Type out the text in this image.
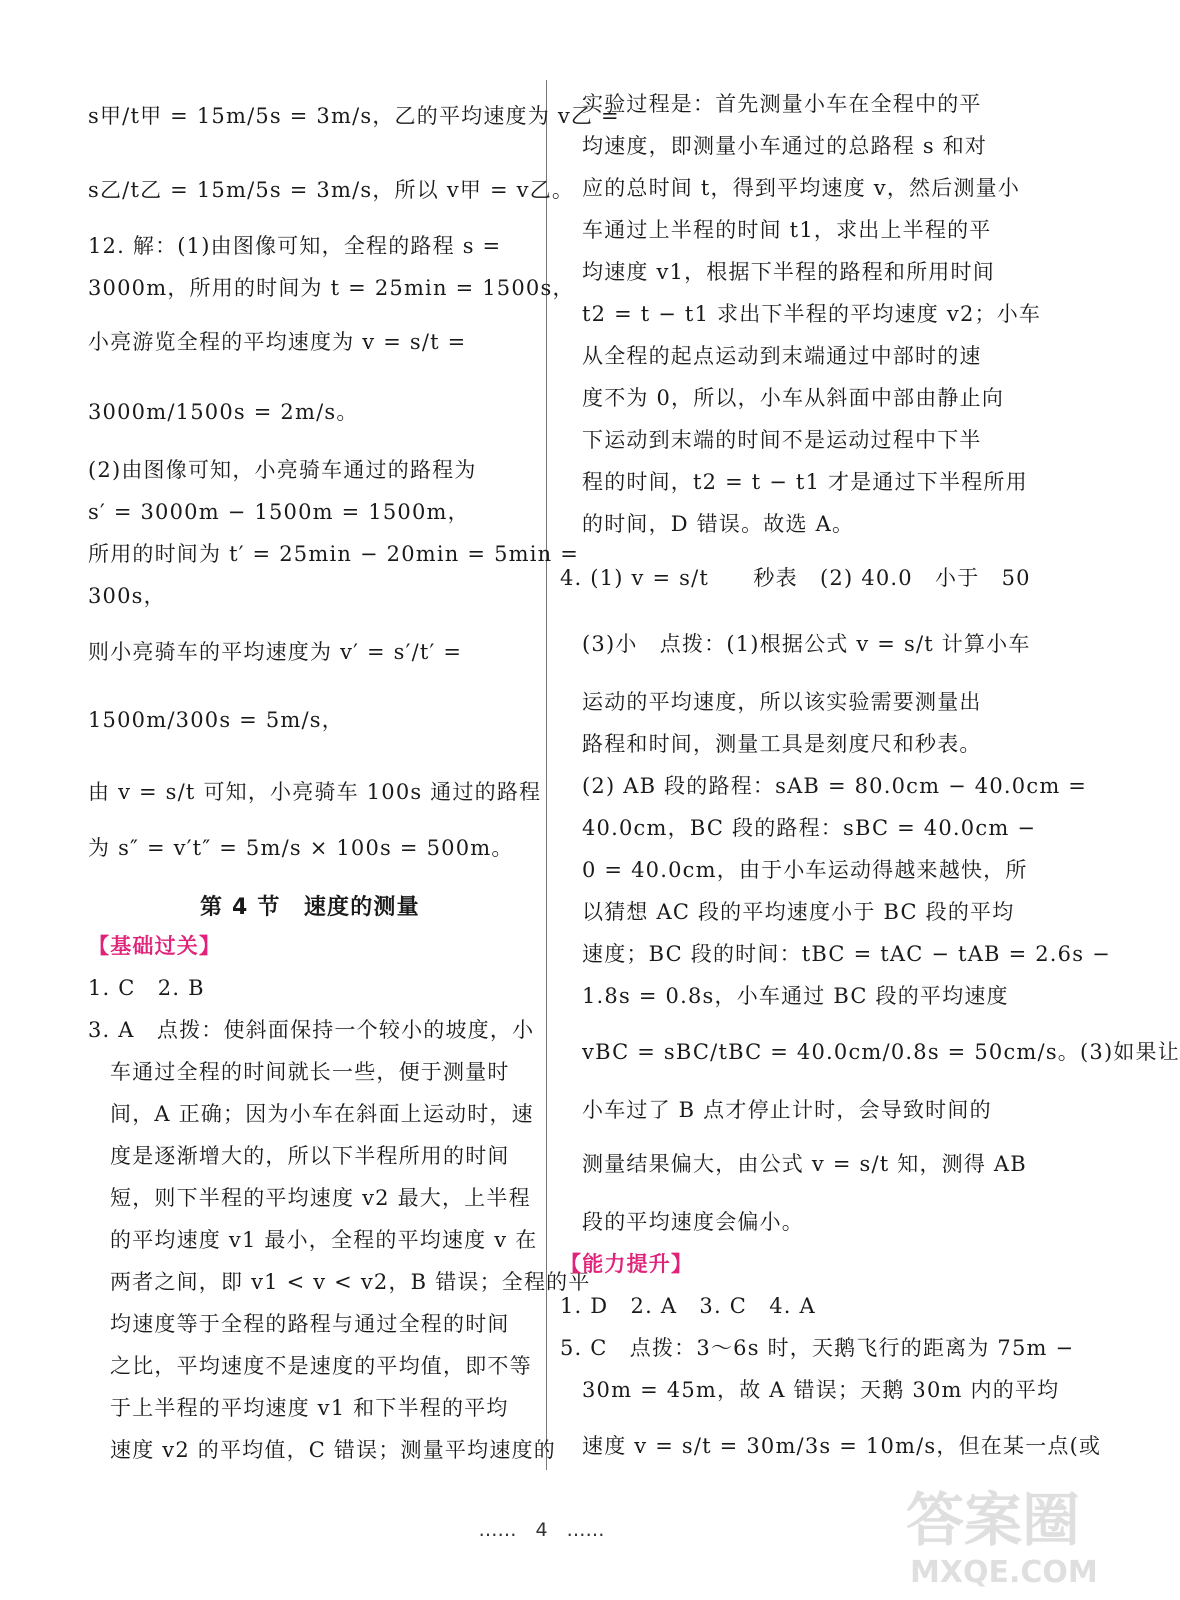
s甲/t甲 = 15m/5s = 3m/s，乙的平均速度为 v乙 =
s乙/t乙 = 15m/5s = 3m/s，所以 v甲 = v乙。
12. 解：(1)由图像可知，全程的路程 s =
3000m，所用的时间为 t = 25min = 1500s，
小亮游览全程的平均速度为 v = s/t =
3000m/1500s = 2m/s。
(2)由图像可知，小亮骑车通过的路程为
s′ = 3000m − 1500m = 1500m，
所用的时间为 t′ = 25min − 20min = 5min =
300s，
则小亮骑车的平均速度为 v′ = s′/t′ =
1500m/300s = 5m/s，
由 v = s/t 可知，小亮骑车 100s 通过的路程
为 s″ = v′t″ = 5m/s × 100s = 500m。
第 4 节　速度的测量
【基础过关】
1. C　2. B
3. A　点拨：使斜面保持一个较小的坡度，小
车通过全程的时间就长一些，便于测量时
间，A 正确；因为小车在斜面上运动时，速
度是逐渐增大的，所以下半程所用的时间
短，则下半程的平均速度 v2 最大，上半程
的平均速度 v1 最小，全程的平均速度 v 在
两者之间，即 v1 < v < v2，B 错误；全程的平
均速度等于全程的路程与通过全程的时间
之比，平均速度不是速度的平均值，即不等
于上半程的平均速度 v1 和下半程的平均
速度 v2 的平均值，C 错误；测量平均速度的
实验过程是：首先测量小车在全程中的平
均速度，即测量小车通过的总路程 s 和对
应的总时间 t，得到平均速度 v，然后测量小
车通过上半程的时间 t1，求出上半程的平
均速度 v1，根据下半程的路程和所用时间
t2 = t − t1 求出下半程的平均速度 v2；小车
从全程的起点运动到末端通过中部时的速
度不为 0，所以，小车从斜面中部由静止向
下运动到末端的时间不是运动过程中下半
程的时间，t2 = t − t1 才是通过下半程所用
的时间，D 错误。故选 A。
4. (1) v = s/t　　秒表　(2) 40.0　小于　50
(3)小　点拨：(1)根据公式 v = s/t 计算小车
运动的平均速度，所以该实验需要测量出
路程和时间，测量工具是刻度尺和秒表。
(2) AB 段的路程：sAB = 80.0cm − 40.0cm =
40.0cm，BC 段的路程：sBC = 40.0cm −
0 = 40.0cm，由于小车运动得越来越快，所
以猜想 AC 段的平均速度小于 BC 段的平均
速度；BC 段的时间：tBC = tAC − tAB = 2.6s −
1.8s = 0.8s，小车通过 BC 段的平均速度
vBC = sBC/tBC = 40.0cm/0.8s = 50cm/s。(3)如果让
小车过了 B 点才停止计时，会导致时间的
测量结果偏大，由公式 v = s/t 知，测得 AB
段的平均速度会偏小。
【能力提升】
1. D　2. A　3. C　4. A
5. C　点拨：3～6s 时，天鹅飞行的距离为 75m −
30m = 45m，故 A 错误；天鹅 30m 内的平均
速度 v = s/t = 30m/3s = 10m/s，但在某一点(或
……　4　……	答案圈
MXQE.COM
